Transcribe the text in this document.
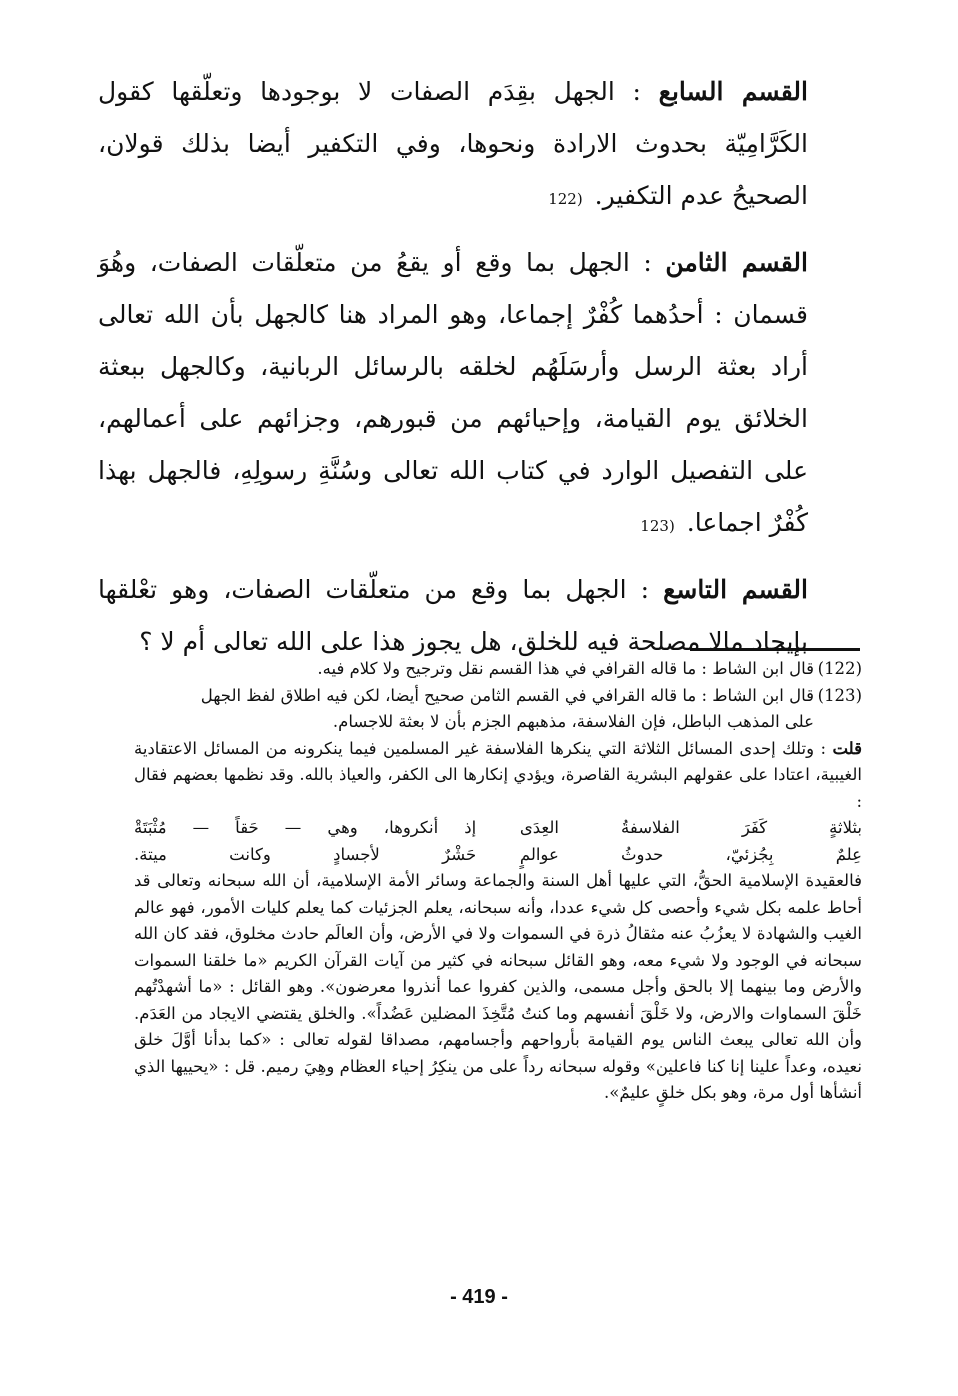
القسم السابع : الجهل بقِدَم الصفات لا بوجودها وتعلّقها كقول الكَرَّامِيّة بحدوث الارادة ونحوها، وفي التكفير أيضا بذلك قولان، الصحيحُ عدم التكفير. (122

القسم الثامن : الجهل بما وقع أو يقعُ من متعلّقات الصفات، وهُوَ قسمان : أحدُهما كُفْرٌ إجماعا، وهو المراد هنا كالجهل بأن الله تعالى أراد بعثة الرسل وأرسَلَهُم لخلقه بالرسائل الربانية، وكالجهل ببعثة الخلائق يوم القيامة، وإحيائهم من قبورهم، وجزائهم على أعمالهم، على التفصيل الوارد في كتاب الله تعالى وسُنَّةِ رسولِهِ، فالجهل بهذا كُفْرٌ اجماعا. (123

القسم التاسع : الجهل بما وقع من متعلّقات الصفات، وهو تعْلقها بإيجاد مالا مصلحة فيه للخلق، هل يجوز هذا على الله تعالى أم لا ؟

(122)

قال ابن الشاط : ما قاله القرافي في هذا القسم نقل وترجيح ولا كلام فيه.

(123)

قال ابن الشاط : ما قاله القرافي في القسم الثامن صحيح أيضا، لكن فيه اطلاق لفظ الجهل

على المذهب الباطل، فإن الفلاسفة، مذهبهم الجزم بأن لا بعثة للاجسام.

قلت : وتلك إحدى المسائل الثلاثة التي ينكرها الفلاسفة غير المسلمين فيما ينكرونه من المسائل الاعتقادية الغيبية، اعتادا على عقولهم البشرية القاصرة، ويؤدي إنكارها الى الكفر، والعياذ بالله. وقد نظمها بعضهم فقال :

بثلاثةٍ كَفَرَ الفلاسفةُ العِدَى
إذ أنكروها، وهي — حَقاً — مُثْبَتَةْ
عِلمٌ بِجُزئيّ، حدوثُ عوالمٍ
حَشْرٌ لأجسادٍ وكانت ميتة.

فالعقيدة الإسلامية الحقُّ، التي عليها أهل السنة والجماعة وسائر الأمة الإسلامية، أن الله سبحانه وتعالى قد أحاط علمه بكل شيء وأحصى كل شيء عددا، وأنه سبحانه، يعلم الجزئيات كما يعلم كليات الأمور، فهو عالم الغيب والشهادة لا يعزُبُ عنه مثقالُ ذرة في السموات ولا في الأرض، وأن العالَم حادث مخلوق، فقد كان الله سبحانه في الوجود ولا شيء معه، وهو القائل سبحانه في كثير من آيات القرآن الكريم «ما خلقنا السموات والأرض وما بينهما إلا بالحق وأجل مسمى، والذين كفروا عما أنذروا معرضون». وهو القائل : «ما أشهدْتُهم خَلْقَ السماوات والارض، ولا خَلْقَ أنفسهم وما كنتُ مُتَّخِذَ المضلين عَضُداً». والخلق يقتضي الايجاد من العَدَم. وأن الله تعالى يبعث الناس يوم القيامة بأرواحهم وأجسامهم، مصداقا لقوله تعالى : «كما بدأنا أوَّلَ خلق نعيده، وعداً علينا إنا كنا فاعلين» وقوله سبحانه رداً على من ينكِرُ إحياء العظام وهِيَ رميم. قل : «يحييها الذي أنشأها أول مرة، وهو بكل خلقٍ عليمٌ».

- 419 -
